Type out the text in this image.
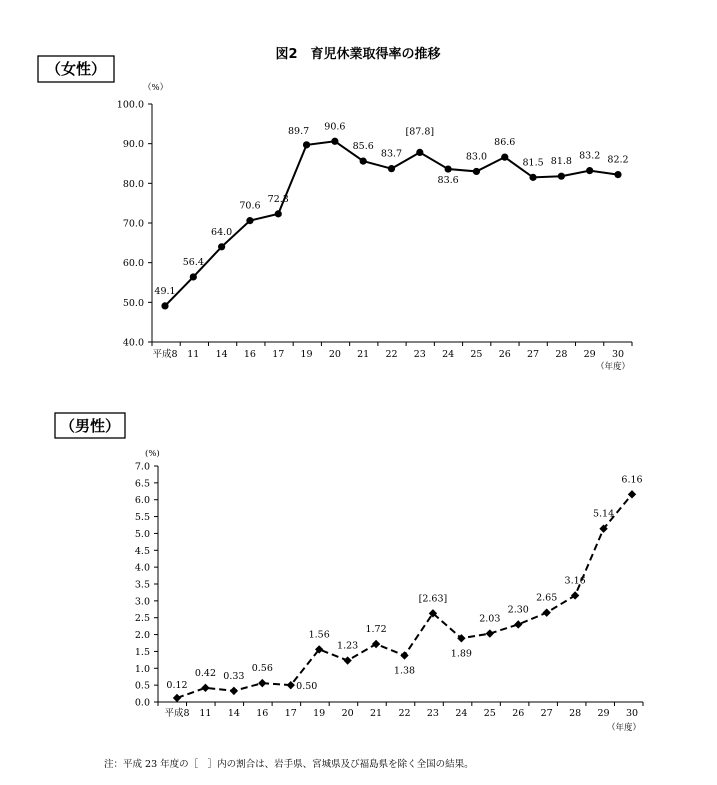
図2　育児休業取得率の推移
（女性）
（男性）
40.0
50.0
60.0
70.0
80.0
90.0
100.0
平成8 11 14 16 17 19 20 21 22 23 24 25 26 27 28 29 30
（%）
（年度）
49.1
56.4
64.0
70.6
72.3
89.7 90.6
85.6
83.7
[87.8]
83.6
83.0
86.6
81.5 81.8
83.2 82.2
0.0
0.5
1.0
1.5
2.0
2.5
3.0
3.5
4.0
4.5
5.0
5.5
6.0
6.5
7.0
平成8 11 14 16 17 19 20 21 22 23 24 25 26 27 28 29 30
(%)
（年度）
0.12
0.42 0.33
0.56
0.50
1.56
1.23
1.72
1.38
[2.63]
1.89
2.03
2.30
2.65
3.16
5.14
6.16
注：平成 23 年度の［　］内の割合は、岩手県、宮城県及び福島県を除く全国の結果。
